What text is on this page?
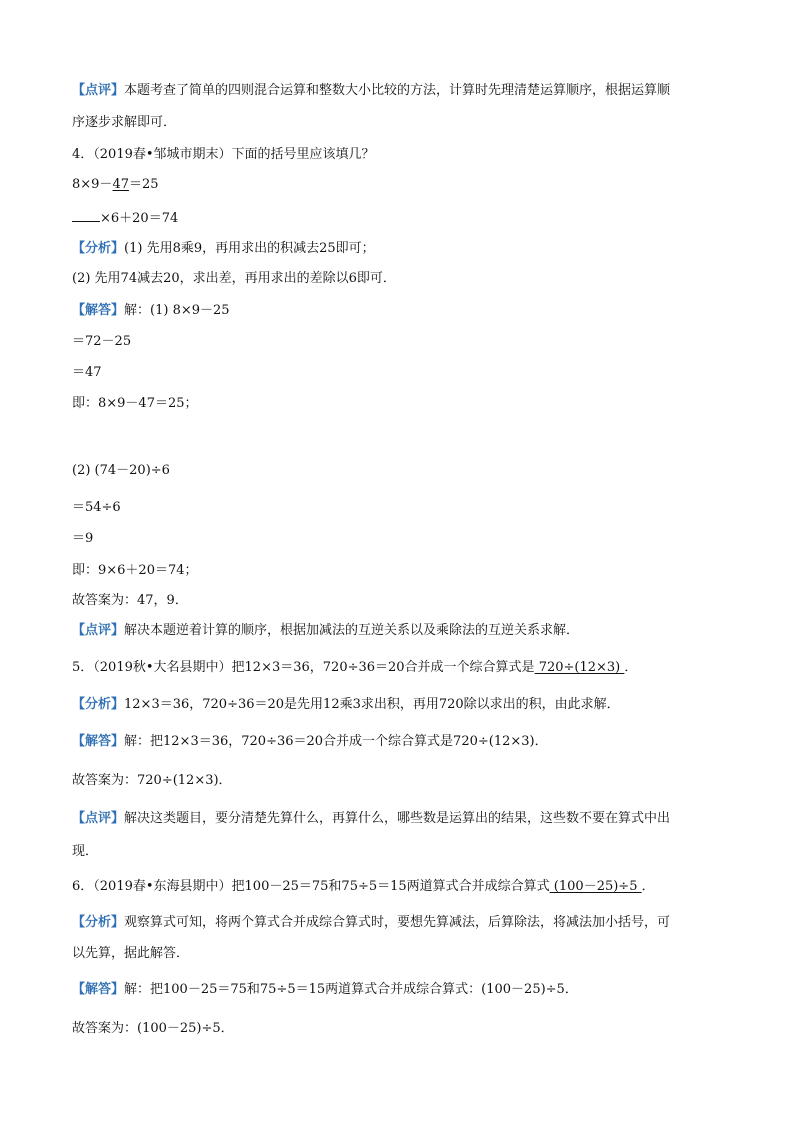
【点评】本题考查了简单的四则混合运算和整数大小比较的方法，计算时先理清楚运算顺序，根据运算顺
序逐步求解即可．
4．（2019春•邹城市期末）下面的括号里应该填几？
8×9－47＝25
×6＋20＝74
【分析】(1) 先用8乘9，再用求出的积减去25即可；
(2) 先用74减去20，求出差，再用求出的差除以6即可．
【解答】解：(1) 8×9－25
＝72－25
＝47
即：8×9－47＝25；
(2) (74－20)÷6
＝54÷6
＝9
即：9×6＋20＝74；
故答案为：47，9．
【点评】解决本题逆着计算的顺序，根据加减法的互逆关系以及乘除法的互逆关系求解．
5．（2019秋•大名县期中）把12×3＝36，720÷36＝20合并成一个综合算式是 720÷(12×3) ．
【分析】12×3＝36，720÷36＝20是先用12乘3求出积，再用720除以求出的积，由此求解．
【解答】解：把12×3＝36，720÷36＝20合并成一个综合算式是720÷(12×3)．
故答案为：720÷(12×3)．
【点评】解决这类题目，要分清楚先算什么，再算什么，哪些数是运算出的结果，这些数不要在算式中出
现．
6．（2019春•东海县期中）把100－25＝75和75÷5＝15两道算式合并成综合算式 (100－25)÷5 ．
【分析】观察算式可知，将两个算式合并成综合算式时，要想先算减法，后算除法，将减法加小括号，可
以先算，据此解答．
【解答】解：把100－25＝75和75÷5＝15两道算式合并成综合算式：(100－25)÷5．
故答案为：(100－25)÷5．
